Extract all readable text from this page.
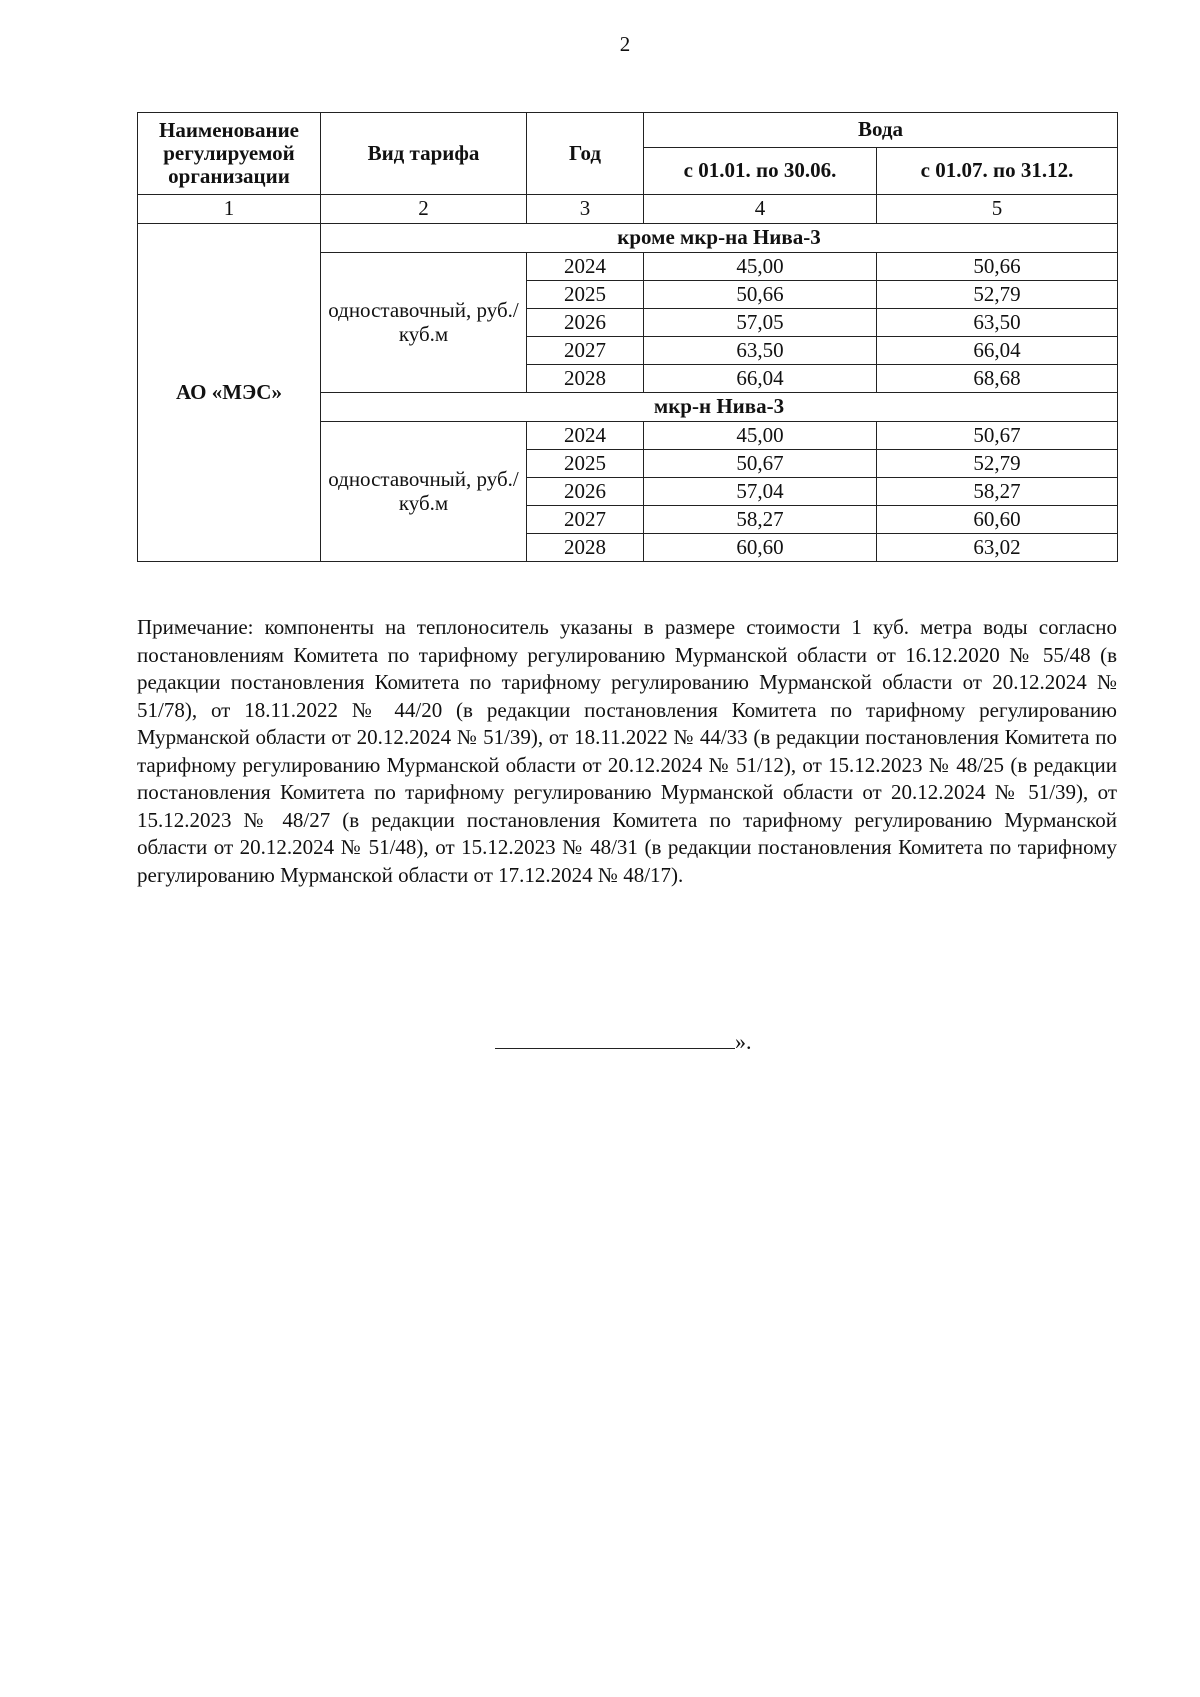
2
Наименование регулируемой организации	Вид тарифа	Год	Вода	
			с 01.01. по 30.06.	с 01.07. по 31.12.
1	2	3	4	5
АО «МЭС»	кроме мкр-на Нива-3			
	одноставочный, руб./куб.м	2024	45,00	50,66
		2025	50,66	52,79
		2026	57,05	63,50
		2027	63,50	66,04
		2028	66,04	68,68
	мкр-н Нива-3			
	одноставочный, руб./куб.м	2024	45,00	50,67
		2025	50,67	52,79
		2026	57,04	58,27
		2027	58,27	60,60
		2028	60,60	63,02
Примечание: компоненты на теплоноситель указаны в размере стоимости 1 куб. метра воды согласно постановлениям Комитета по тарифному регулированию Мурманской области от 16.12.2020 № 55/48 (в редакции постановления Комитета по тарифному регулированию Мурманской области от 20.12.2024 № 51/78), от 18.11.2022 № 44/20 (в редакции постановления Комитета по тарифному регулированию Мурманской области от 20.12.2024 № 51/39), от 18.11.2022 № 44/33 (в редакции постановления Комитета по тарифному регулированию Мурманской области от 20.12.2024 № 51/12), от 15.12.2023 № 48/25 (в редакции постановления Комитета по тарифному регулированию Мурманской области от 20.12.2024 № 51/39), от 15.12.2023 № 48/27 (в редакции постановления Комитета по тарифному регулированию Мурманской области от 20.12.2024 № 51/48), от 15.12.2023 № 48/31 (в редакции постановления Комитета по тарифному регулированию Мурманской области от 17.12.2024 № 48/17).
».
